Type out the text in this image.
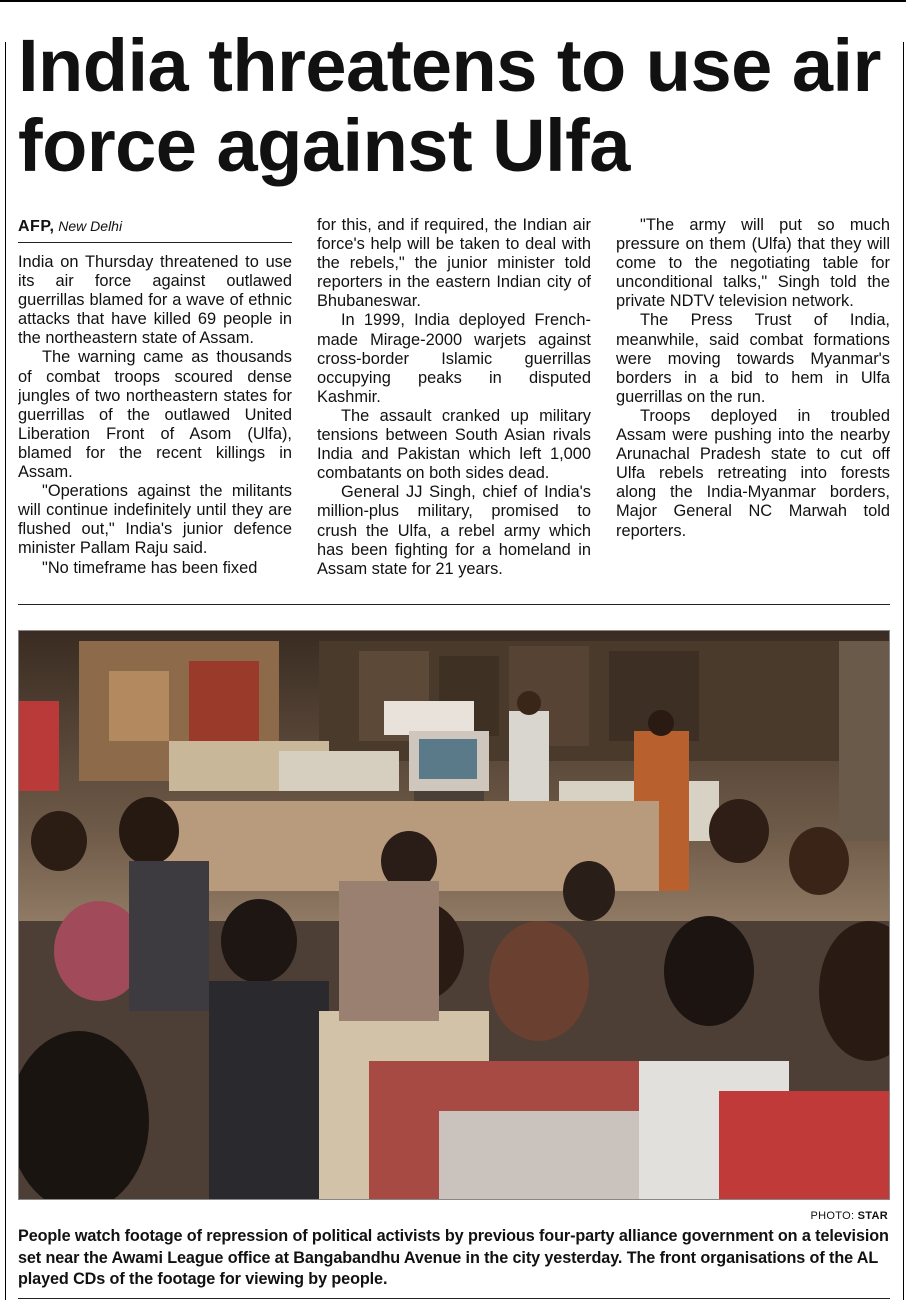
India threatens to use air force against Ulfa
AFP, New Delhi

India on Thursday threatened to use its air force against outlawed guerrillas blamed for a wave of ethnic attacks that have killed 69 people in the northeastern state of Assam.

The warning came as thousands of combat troops scoured dense jungles of two northeastern states for guerrillas of the outlawed United Liberation Front of Asom (Ulfa), blamed for the recent killings in Assam.

"Operations against the militants will continue indefinitely until they are flushed out," India's junior defence minister Pallam Raju said.

"No timeframe has been fixed

for this, and if required, the Indian air force's help will be taken to deal with the rebels," the junior minister told reporters in the eastern Indian city of Bhubaneswar.

In 1999, India deployed French-made Mirage-2000 warjets against cross-border Islamic guerrillas occupying peaks in disputed Kashmir.

The assault cranked up military tensions between South Asian rivals India and Pakistan which left 1,000 combatants on both sides dead.

General JJ Singh, chief of India's million-plus military, promised to crush the Ulfa, a rebel army which has been fighting for a homeland in Assam state for 21 years.

"The army will put so much pressure on them (Ulfa) that they will come to the negotiating table for unconditional talks," Singh told the private NDTV television network.

The Press Trust of India, meanwhile, said combat formations were moving towards Myanmar's borders in a bid to hem in Ulfa guerrillas on the run.

Troops deployed in troubled Assam were pushing into the nearby Arunachal Pradesh state to cut off Ulfa rebels retreating into forests along the India-Myanmar borders, Major General NC Marwah told reporters.

PHOTO: STAR

People watch footage of repression of political activists by previous four-party alliance government on a television set near the Awami League office at Bangabandhu Avenue in the city yesterday. The front organisations of the AL played CDs of the footage for viewing by people.
